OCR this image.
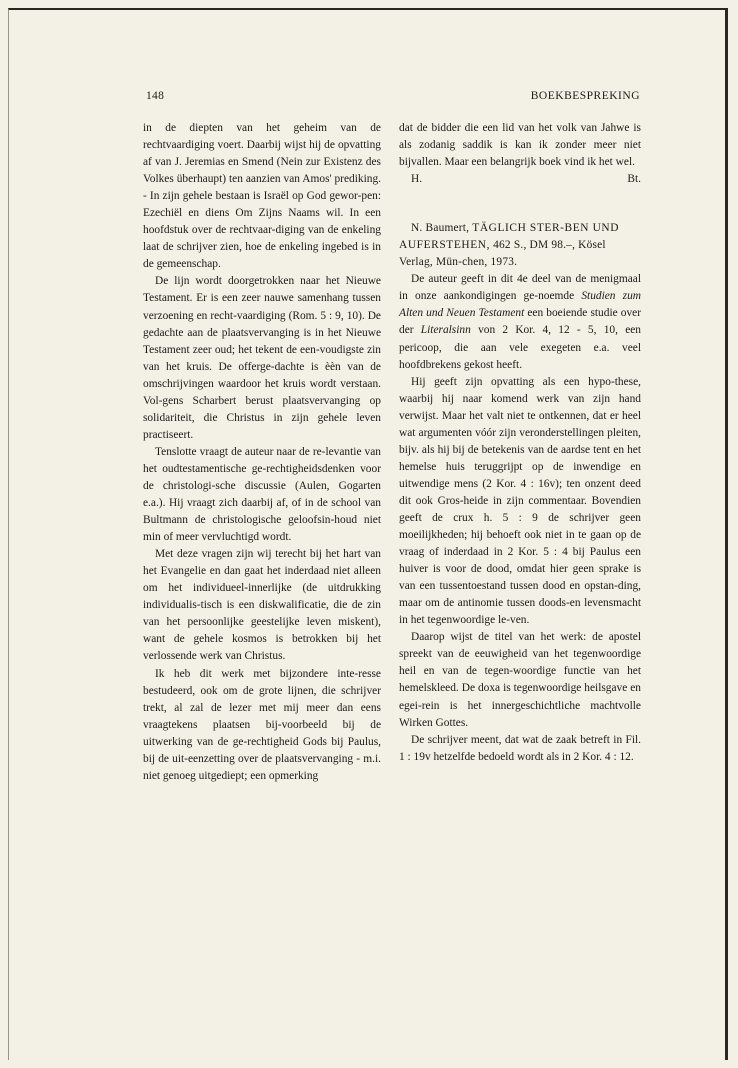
148	BOEKBESPREKING

in de diepten van het geheim van de rechtvaardiging voert. Daarbij wijst hij de opvatting af van J. Jeremias en Smend (Nein zur Existenz des Volkes überhaupt) ten aanzien van Amos' prediking. - In zijn gehele bestaan is Israël op God gewor-pen: Ezechiël en diens Om Zijns Naams wil. In een hoofdstuk over de rechtvaar-diging van de enkeling laat de schrijver zien, hoe de enkeling ingebed is in de gemeenschap.

De lijn wordt doorgetrokken naar het Nieuwe Testament. Er is een zeer nauwe samenhang tussen verzoening en recht-vaardiging (Rom. 5 : 9, 10). De gedachte aan de plaatsvervanging is in het Nieuwe Testament zeer oud; het tekent de een-voudigste zin van het kruis. De offerge-dachte is èèn van de omschrijvingen waardoor het kruis wordt verstaan. Vol-gens Scharbert berust plaatsvervanging op solidariteit, die Christus in zijn gehele leven practiseert.

Tenslotte vraagt de auteur naar de re-levantie van het oudtestamentische ge-rechtigheidsdenken voor de christologi-sche discussie (Aulen, Gogarten e.a.). Hij vraagt zich daarbij af, of in de school van Bultmann de christologische geloofsin-houd niet min of meer vervluchtigd wordt.

Met deze vragen zijn wij terecht bij het hart van het Evangelie en dan gaat het inderdaad niet alleen om het individueel-innerlijke (de uitdrukking individualis-tisch is een diskwalificatie, die de zin van het persoonlijke geestelijke leven miskent), want de gehele kosmos is betrokken bij het verlossende werk van Christus.

Ik heb dit werk met bijzondere inte-resse bestudeerd, ook om de grote lijnen, die schrijver trekt, al zal de lezer met mij meer dan eens vraagtekens plaatsen bij-voorbeeld bij de uitwerking van de ge-rechtigheid Gods bij Paulus, bij de uit-eenzetting over de plaatsvervanging - m.i. niet genoeg uitgediept; een opmerking

dat de bidder die een lid van het volk van Jahwe is als zodanig saddik is kan ik zonder meer niet bijvallen. Maar een belangrijk boek vind ik het wel.

H.	Bt.

N. Baumert, TÄGLICH STER-BEN UND AUFERSTEHEN, 462 S., DM 98.–, Kösel Verlag, Mün-chen, 1973.

De auteur geeft in dit 4e deel van de menigmaal in onze aankondigingen ge-noemde Studien zum Alten und Neuen Testament een boeiende studie over der Literalsinn von 2 Kor. 4, 12 - 5, 10, een pericoop, die aan vele exegeten e.a. veel hoofdbrekens gekost heeft.

Hij geeft zijn opvatting als een hypo-these, waarbij hij naar komend werk van zijn hand verwijst. Maar het valt niet te ontkennen, dat er heel wat argumenten vóór zijn veronderstellingen pleiten, bijv. als hij bij de betekenis van de aardse tent en het hemelse huis teruggrijpt op de inwendige en uitwendige mens (2 Kor. 4 : 16v); ten onzent deed dit ook Gros-heide in zijn commentaar. Bovendien geeft de crux h. 5 : 9 de schrijver geen moeilijkheden; hij behoeft ook niet in te gaan op de vraag of inderdaad in 2 Kor. 5 : 4 bij Paulus een huiver is voor de dood, omdat hier geen sprake is van een tussentoestand tussen dood en opstan-ding, maar om de antinomie tussen doods-en levensmacht in het tegenwoordige le-ven.

Daarop wijst de titel van het werk: de apostel spreekt van de eeuwigheid van het tegenwoordige heil en van de tegen-woordige functie van het hemelskleed. De doxa is tegenwoordige heilsgave en egei-rein is het innergeschichtliche machtvolle Wirken Gottes.

De schrijver meent, dat wat de zaak betreft in Fil. 1 : 19v hetzelfde bedoeld wordt als in 2 Kor. 4 : 12.
